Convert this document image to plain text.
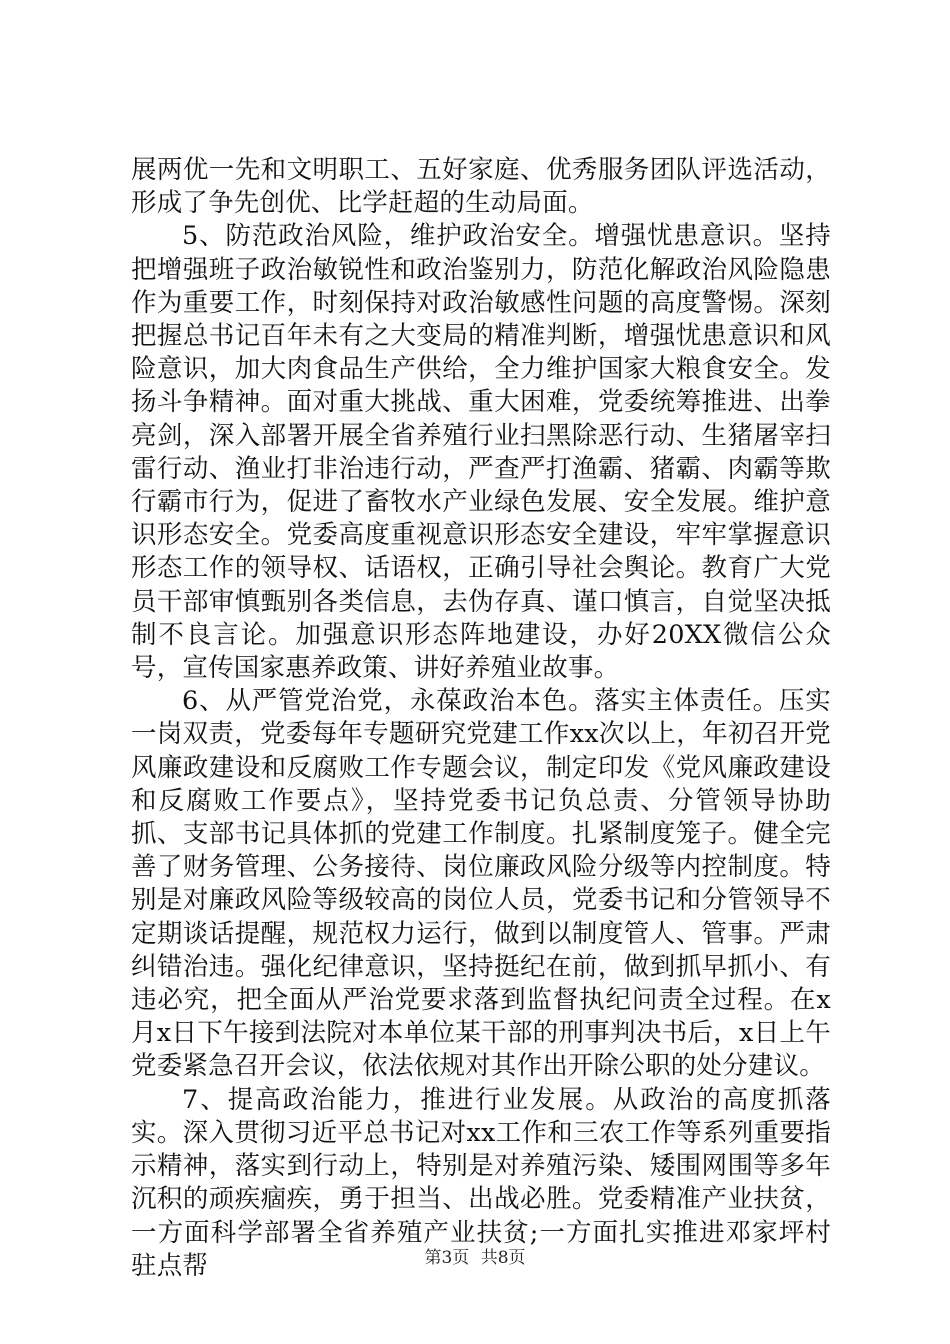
展两优一先和文明职工、五好家庭、优秀服务团队评选活动，形成了争先创优、比学赶超的生动局面。

5、防范政治风险，维护政治安全。增强忧患意识。坚持把增强班子政治敏锐性和政治鉴别力，防范化解政治风险隐患作为重要工作，时刻保持对政治敏感性问题的高度警惕。深刻把握总书记百年未有之大变局的精准判断，增强忧患意识和风险意识，加大肉食品生产供给，全力维护国家大粮食安全。发扬斗争精神。面对重大挑战、重大困难，党委统筹推进、出拳亮剑，深入部署开展全省养殖行业扫黑除恶行动、生猪屠宰扫雷行动、渔业打非治违行动，严查严打渔霸、猪霸、肉霸等欺行霸市行为，促进了畜牧水产业绿色发展、安全发展。维护意识形态安全。党委高度重视意识形态安全建设，牢牢掌握意识形态工作的领导权、话语权，正确引导社会舆论。教育广大党员干部审慎甄别各类信息，去伪存真、谨口慎言，自觉坚决抵制不良言论。加强意识形态阵地建设，办好20XX微信公众号，宣传国家惠养政策、讲好养殖业故事。

6、从严管党治党，永葆政治本色。落实主体责任。压实一岗双责，党委每年专题研究党建工作xx次以上，年初召开党风廉政建设和反腐败工作专题会议，制定印发《党风廉政建设和反腐败工作要点》，坚持党委书记负总责、分管领导协助抓、支部书记具体抓的党建工作制度。扎紧制度笼子。健全完善了财务管理、公务接待、岗位廉政风险分级等内控制度。特别是对廉政风险等级较高的岗位人员，党委书记和分管领导不定期谈话提醒，规范权力运行，做到以制度管人、管事。严肃纠错治违。强化纪律意识，坚持挺纪在前，做到抓早抓小、有违必究，把全面从严治党要求落到监督执纪问责全过程。在x月x日下午接到法院对本单位某干部的刑事判决书后，x日上午党委紧急召开会议，依法依规对其作出开除公职的处分建议。

7、提高政治能力，推进行业发展。从政治的高度抓落实。深入贯彻习近平总书记对xx工作和三农工作等系列重要指示精神，落实到行动上，特别是对养殖污染、矮围网围等多年沉积的顽疾痼疾，勇于担当、出战必胜。党委精准产业扶贫，一方面科学部署全省养殖产业扶贫;一方面扎实推进邓家坪村驻点帮	第3页 共8页
